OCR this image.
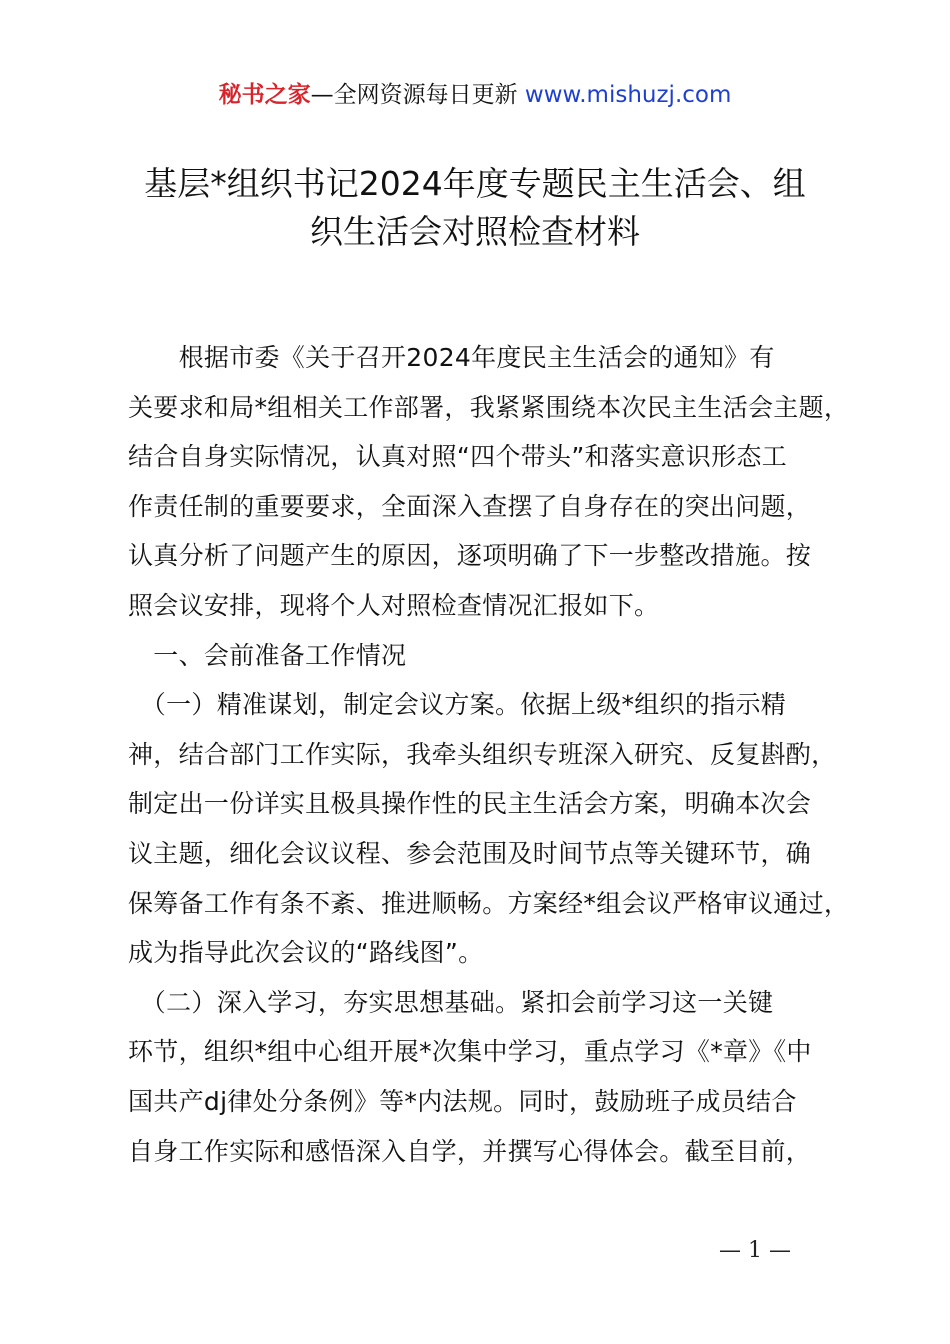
秘书之家—全网资源每日更新 www.mishuzj.com
基层*组织书记2024年度专题民主生活会、组
织生活会对照检查材料
　　根据市委《关于召开2024年度民主生活会的通知》有
关要求和局*组相关工作部署，我紧紧围绕本次民主生活会主题，
结合自身实际情况，认真对照“四个带头”和落实意识形态工
作责任制的重要要求，全面深入查摆了自身存在的突出问题，
认真分析了问题产生的原因，逐项明确了下一步整改措施。按
照会议安排，现将个人对照检查情况汇报如下。
　一、会前准备工作情况
　（一）精准谋划，制定会议方案。依据上级*组织的指示精
神，结合部门工作实际，我牵头组织专班深入研究、反复斟酌，
制定出一份详实且极具操作性的民主生活会方案，明确本次会
议主题，细化会议议程、参会范围及时间节点等关键环节，确
保筹备工作有条不紊、推进顺畅。方案经*组会议严格审议通过，
成为指导此次会议的“路线图”。
　（二）深入学习，夯实思想基础。紧扣会前学习这一关键
环节，组织*组中心组开展*次集中学习，重点学习《*章》《中
国共产dj律处分条例》等*内法规。同时，鼓励班子成员结合
自身工作实际和感悟深入自学，并撰写心得体会。截至目前，
— 1 —
